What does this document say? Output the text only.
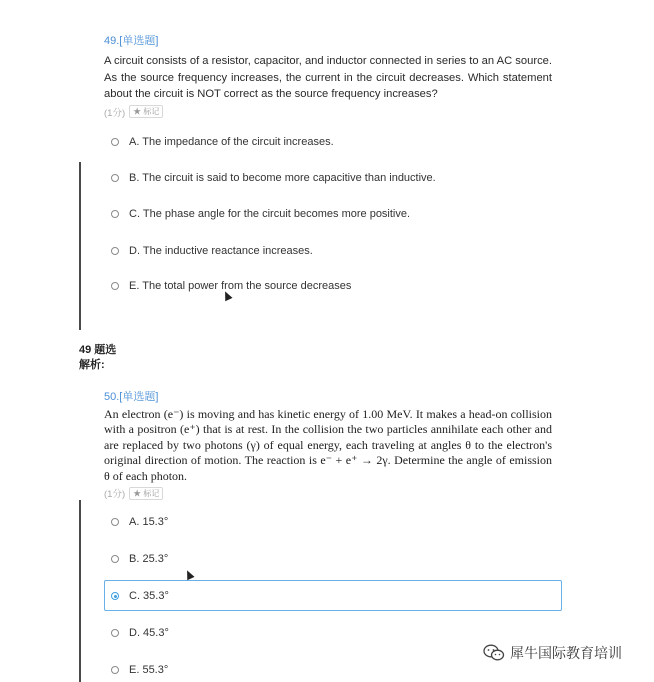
49.[单选题]
A circuit consists of a resistor, capacitor, and inductor connected in series to an AC source. As the source frequency increases, the current in the circuit decreases. Which statement about the circuit is NOT correct as the source frequency increases?
(1分)	★ 标记
A. The impedance of the circuit increases.
B. The circuit is said to become more capacitive than inductive.
C. The phase angle for the circuit becomes more positive.
D. The inductive reactance increases.
E. The total power from the source decreases
49 题选
解析:
50.[单选题]
An electron (e⁻) is moving and has kinetic energy of 1.00 MeV. It makes a head-on collision with a positron (e⁺) that is at rest. In the collision the two particles annihilate each other and are replaced by two photons (γ) of equal energy, each traveling at angles θ to the electron's original direction of motion. The reaction is e⁻ + e⁺ → 2γ. Determine the angle of emission θ of each photon.
(1分)	★ 标记
A. 15.3°
B. 25.3°
C. 35.3°
D. 45.3°
E. 55.3°
犀牛国际教育培训
